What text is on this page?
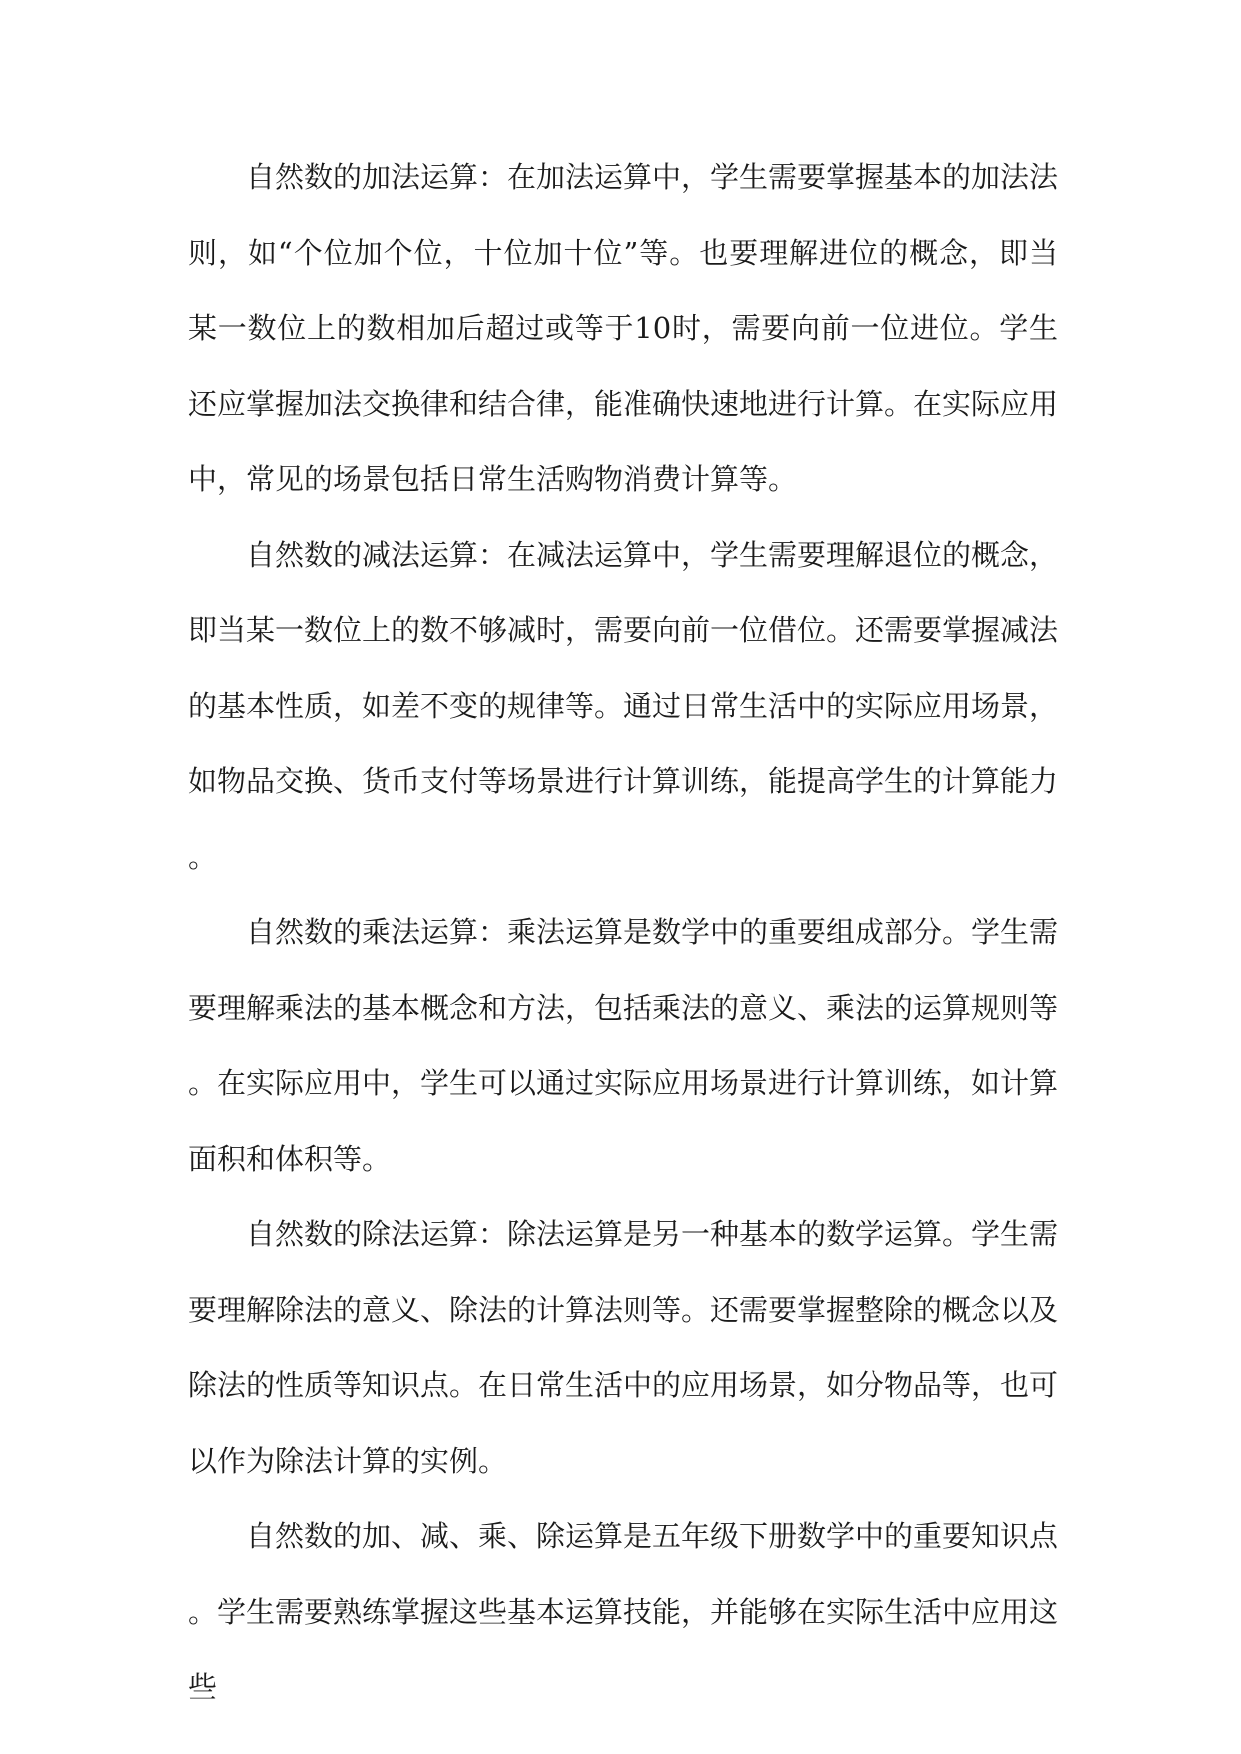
自然数的加法运算：在加法运算中，学生需要掌握基本的加法法则，如“个位加个位，十位加十位”等。也要理解进位的概念，即当某一数位上的数相加后超过或等于10时，需要向前一位进位。学生还应掌握加法交换律和结合律，能准确快速地进行计算。在实际应用中，常见的场景包括日常生活购物消费计算等。

自然数的减法运算：在减法运算中，学生需要理解退位的概念，即当某一数位上的数不够减时，需要向前一位借位。还需要掌握减法的基本性质，如差不变的规律等。通过日常生活中的实际应用场景，如物品交换、货币支付等场景进行计算训练，能提高学生的计算能力。

自然数的乘法运算：乘法运算是数学中的重要组成部分。学生需要理解乘法的基本概念和方法，包括乘法的意义、乘法的运算规则等。在实际应用中，学生可以通过实际应用场景进行计算训练，如计算面积和体积等。

自然数的除法运算：除法运算是另一种基本的数学运算。学生需要理解除法的意义、除法的计算法则等。还需要掌握整除的概念以及除法的性质等知识点。在日常生活中的应用场景，如分物品等，也可以作为除法计算的实例。

自然数的加、减、乘、除运算是五年级下册数学中的重要知识点。学生需要熟练掌握这些基本运算技能，并能够在实际生活中应用这些
